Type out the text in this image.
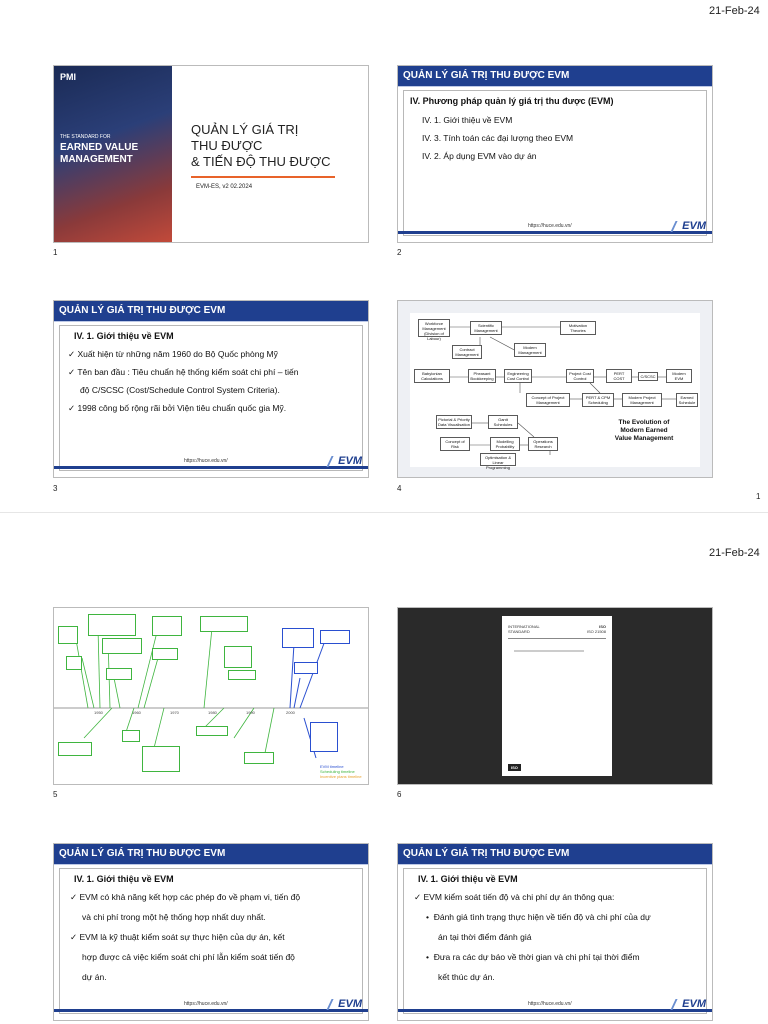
21-Feb-24
PMI
THE STANDARD FOR
EARNED VALUE
MANAGEMENT
QUẢN LÝ GIÁ TRỊ
THU ĐƯỢC
& TIẾN ĐỘ THU ĐƯỢC
EVM-ES, v2 02.2024
1
QUẢN LÝ GIÁ TRỊ THU ĐƯỢC EVM
IV. Phương pháp quản lý giá trị thu được (EVM)
IV. 1. Giới thiệu về EVM
IV. 3. Tính toán các đại lượng theo EVM
IV. 2. Áp dụng EVM vào dự án
https://huce.edu.vn/	EVM
2
QUẢN LÝ GIÁ TRỊ THU ĐƯỢC EVM
IV. 1. Giới thiệu về EVM
✓ Xuất hiện từ những năm 1960 do Bộ Quốc phòng Mỹ
✓ Tên ban đầu : Tiêu chuẩn hệ thống kiểm soát chi phí – tiến
độ C/SCSC (Cost/Schedule Control System Criteria).
✓ 1998 công bố rộng rãi bởi Viện tiêu chuẩn quốc gia Mỹ.
https://huce.edu.vn/	EVM
3
Workforce Management (Division of Labour)
Scientific Management
Motivation Theories
Contract Management
Modern Management
Babylonian Calculations
Pheasant Bookkeeping
Engineering Cost Control
Project Cost Control
PERT COST	C/SCSC
Modern EVM
Concept of Project Management
PERT & CPM Scheduling
Modern Project Management
Earned Schedule
Pictorial & Priority Data Visualisation
Gantt Schedules
Concept of Risk
Modelling Probability
Operations Research
Optimisation & Linear Programming
The Evolution of
Modern Earned
Value Management
4
1
21-Feb-24
1950	1960	1970	1980	1990	2000
EVM timeline
Scheduling timeline
Incentive plans timeline
5
INTERNATIONAL
STANDARD
ISO
ISO 21508
ISO
6
QUẢN LÝ GIÁ TRỊ THU ĐƯỢC EVM
IV. 1. Giới thiệu về EVM
✓ EVM có khả năng kết hợp các phép đo về phạm vi, tiến độ
và chi phí trong một hệ thống hợp nhất duy nhất.
✓ EVM là kỹ thuật kiểm soát sự thực hiện của dự án, kết
hợp được cả việc kiểm soát chi phí lẫn kiểm soát tiến độ
dự án.
https://huce.edu.vn/	EVM
QUẢN LÝ GIÁ TRỊ THU ĐƯỢC EVM
IV. 1. Giới thiệu về EVM
✓ EVM kiểm soát tiến độ và chi phí dự án thông qua:
•  Đánh giá tình trạng thực hiện về tiến độ và chi phí của dự
án tại thời điểm đánh giá
•  Đưa ra các dự báo về thời gian và chi phí tại thời điểm
kết thúc dự án.
https://huce.edu.vn/	EVM
